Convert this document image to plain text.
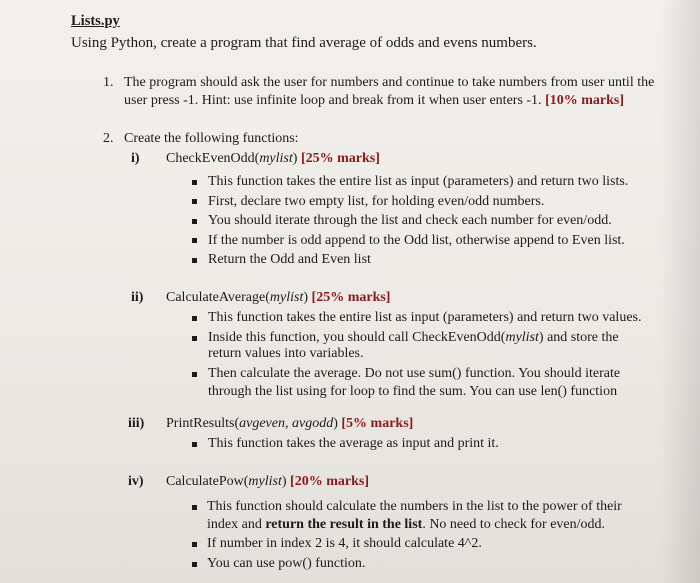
Lists.py
Using Python, create a program that find average of odds and evens numbers.
1. The program should ask the user for numbers and continue to take numbers from user until the
user press -1. Hint: use infinite loop and break from it when user enters -1. [10% marks]
2. Create the following functions:
i) CheckEvenOdd(mylist) [25% marks]
This function takes the entire list as input (parameters) and return two lists.
First, declare two empty list, for holding even/odd numbers.
You should iterate through the list and check each number for even/odd.
If the number is odd append to the Odd list, otherwise append to Even list.
Return the Odd and Even list
ii) CalculateAverage(mylist) [25% marks]
This function takes the entire list as input (parameters) and return two values.
Inside this function, you should call CheckEvenOdd(mylist) and store the
return values into variables.
Then calculate the average. Do not use sum() function. You should iterate
through the list using for loop to find the sum. You can use len() function
iii) PrintResults(avgeven, avgodd) [5% marks]
This function takes the average as input and print it.
iv) CalculatePow(mylist) [20% marks]
This function should calculate the numbers in the list to the power of their
index and return the result in the list. No need to check for even/odd.
If number in index 2 is 4, it should calculate 4^2.
You can use pow() function.
